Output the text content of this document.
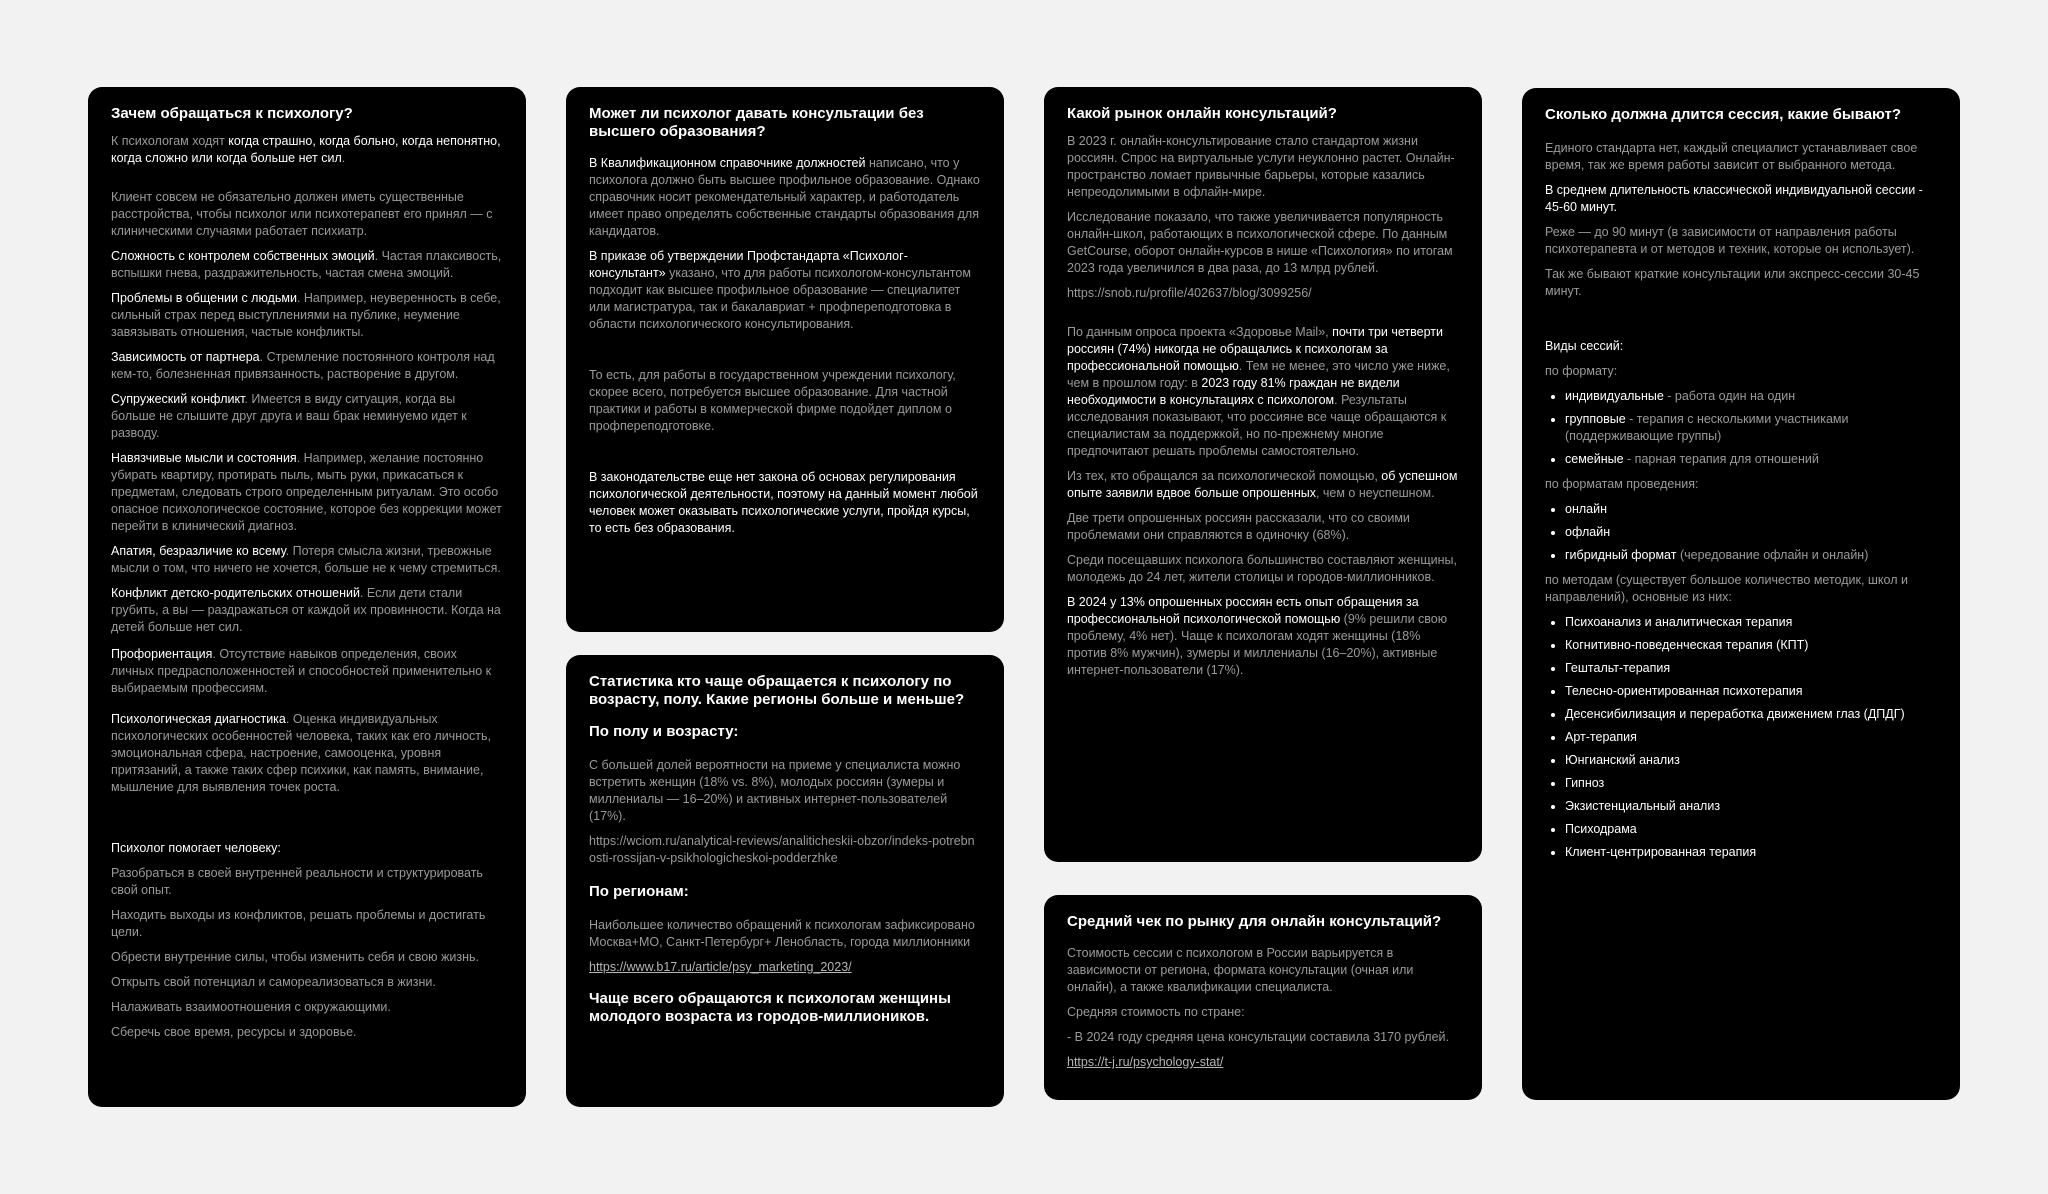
Зачем обращаться к психологу?
К психологам ходят когда страшно, когда больно, когда непонятно, когда сложно или когда больше нет сил.
Клиент совсем не обязательно должен иметь существенные расстройства, чтобы психолог или психотерапевт его принял — с клиническими случаями работает психиатр.
Сложность с контролем собственных эмоций. Частая плаксивость, вспышки гнева, раздражительность, частая смена эмоций.
Проблемы в общении с людьми. Например, неуверенность в себе, сильный страх перед выступлениями на публике, неумение завязывать отношения, частые конфликты.
Зависимость от партнера. Стремление постоянного контроля над кем-то, болезненная привязанность, растворение в другом.
Супружеский конфликт. Имеется в виду ситуация, когда вы больше не слышите друг друга и ваш брак неминуемо идет к разводу.
Навязчивые мысли и состояния. Например, желание постоянно убирать квартиру, протирать пыль, мыть руки, прикасаться к предметам, следовать строго определенным ритуалам. Это особо опасное психологическое состояние, которое без коррекции может перейти в клинический диагноз.
Апатия, безразличие ко всему. Потеря смысла жизни, тревожные мысли о том, что ничего не хочется, больше не к чему стремиться.
Конфликт детско-родительских отношений. Если дети стали грубить, а вы — раздражаться от каждой их провинности. Когда на детей больше нет сил.
Профориентация. Отсутствие навыков определения, своих личных предрасположенностей и способностей применительно к выбираемым профессиям.
Психологическая диагностика. Оценка индивидуальных психологических особенностей человека, таких как его личность, эмоциональная сфера, настроение, самооценка, уровня притязаний, а также таких сфер психики, как память, внимание, мышление для выявления точек роста.
Психолог помогает человеку:
Разобраться в своей внутренней реальности и структурировать свой опыт.
Находить выходы из конфликтов, решать проблемы и достигать цели.
Обрести внутренние силы, чтобы изменить себя и свою жизнь.
Открыть свой потенциал и самореализоваться в жизни.
Налаживать взаимоотношения с окружающими.
Сберечь свое время, ресурсы и здоровье.
Может ли психолог давать консультации без высшего образования?
В Квалификационном справочнике должностей написано, что у психолога должно быть высшее профильное образование. Однако справочник носит рекомендательный характер, и работодатель имеет право определять собственные стандарты образования для кандидатов.
В приказе об утверждении Профстандарта «Психолог-консультант» указано, что для работы психологом-консультантом подходит как высшее профильное образование — специалитет или магистратура, так и бакалавриат + профпереподготовка в области психологического консультирования.
То есть, для работы в государственном учреждении психологу, скорее всего, потребуется высшее образование. Для частной практики и работы в коммерческой фирме подойдет диплом о профпереподготовке.
В законодательстве еще нет закона об основах регулирования психологической деятельности, поэтому на данный момент любой человек может оказывать психологические услуги, пройдя курсы, то есть без образования.
Статистика кто чаще обращается к психологу по возрасту, полу. Какие регионы больше и меньше?
По полу и возрасту:
С большей долей вероятности на приеме у специалиста можно встретить женщин (18% vs. 8%), молодых россиян (зумеры и миллениалы — 16–20%) и активных интернет-пользователей (17%).
https://wciom.ru/analytical-reviews/analiticheskii-obzor/indeks-potrebnosti-rossijan-v-psikhologicheskoi-podderzhke
По регионам:
Наибольшее количество обращений к психологам зафиксировано Москва+МО, Санкт-Петербург+ Ленобласть, города миллионники
https://www.b17.ru/article/psy_marketing_2023/
Чаще всего обращаются к психологам женщины молодого возраста из городов-миллиоников.
Какой рынок онлайн консультаций?
В 2023 г. онлайн-консультирование стало стандартом жизни россиян. Спрос на виртуальные услуги неуклонно растет. Онлайн-пространство ломает привычные барьеры, которые казались непреодолимыми в офлайн-мире.
Исследование показало, что также увеличивается популярность онлайн-школ, работающих в психологической сфере. По данным GetCourse, оборот онлайн-курсов в нише «Психология» по итогам 2023 года увеличился в два раза, до 13 млрд рублей.
https://snob.ru/profile/402637/blog/3099256/
По данным опроса проекта «Здоровье Mail», почти три четверти россиян (74%) никогда не обращались к психологам за профессиональной помощью. Тем не менее, это число уже ниже, чем в прошлом году: в 2023 году 81% граждан не видели необходимости в консультациях с психологом. Результаты исследования показывают, что россияне все чаще обращаются к специалистам за поддержкой, но по-прежнему многие предпочитают решать проблемы самостоятельно.
Из тех, кто обращался за психологической помощью, об успешном опыте заявили вдвое больше опрошенных, чем о неуспешном.
Две трети опрошенных россиян рассказали, что со своими проблемами они справляются в одиночку (68%).
Среди посещавших психолога большинство составляют женщины, молодежь до 24 лет, жители столицы и городов-миллионников.
В 2024 у 13% опрошенных россиян есть опыт обращения за профессиональной психологической помощью (9% решили свою проблему, 4% нет). Чаще к психологам ходят женщины (18% против 8% мужчин), зумеры и миллениалы (16–20%), активные интернет-пользователи (17%).
Средний чек по рынку для онлайн консультаций?
Стоимость сессии с психологом в России варьируется в зависимости от региона, формата консультации (очная или онлайн), а также квалификации специалиста.
Средняя стоимость по стране:
- В 2024 году средняя цена консультации составила 3170 рублей.
https://t-j.ru/psychology-stat/
Сколько должна длится сессия, какие бывают?
Единого стандарта нет, каждый специалист устанавливает свое время, так же время работы зависит от выбранного метода.
В среднем длительность классической индивидуальной сессии - 45-60 минут.
Реже — до 90 минут (в зависимости от направления работы психотерапевта и от методов и техник, которые он использует).
Так же бывают краткие консультации или экспресс-сессии 30-45 минут.
Виды сессий:
по формату:
• индивидуальные - работа один на один
• групповые - терапия с несколькими участниками (поддерживающие группы)
• семейные - парная терапия для отношений
по форматам проведения:
• онлайн
• офлайн
• гибридный формат (чередование офлайн и онлайн)
по методам (существует большое количество методик, школ и направлений), основные из них:
• Психоанализ и аналитическая терапия
• Когнитивно-поведенческая терапия (КПТ)
• Гештальт-терапия
• Телесно-ориентированная психотерапия
• Десенсибилизация и переработка движением глаз (ДПДГ)
• Арт-терапия
• Юнгианский анализ
• Гипноз
• Экзистенциальный анализ
• Психодрама
• Клиент-центрированная терапия
